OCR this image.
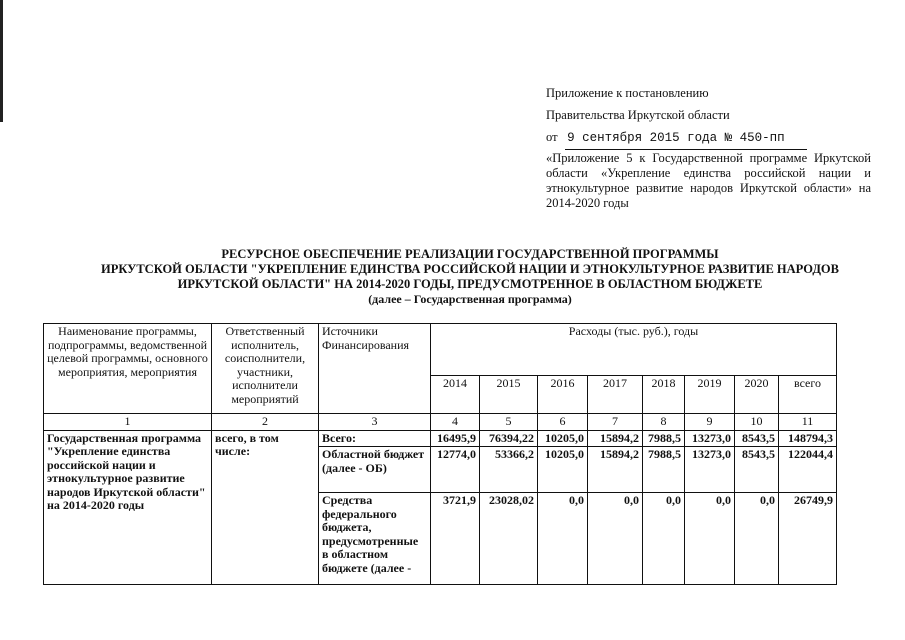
Приложение к постановлению
Правительства Иркутской области
от 9 сентября 2015 года № 450-пп
«Приложение 5 к Государственной программе Иркутской области «Укрепление единства российской нации и этнокультурное развитие народов Иркутской области» на 2014-2020 годы
РЕСУРСНОЕ ОБЕСПЕЧЕНИЕ РЕАЛИЗАЦИИ ГОСУДАРСТВЕННОЙ ПРОГРАММЫ
ИРКУТСКОЙ ОБЛАСТИ "УКРЕПЛЕНИЕ ЕДИНСТВА РОССИЙСКОЙ НАЦИИ И ЭТНОКУЛЬТУРНОЕ РАЗВИТИЕ НАРОДОВ
ИРКУТСКОЙ ОБЛАСТИ" НА 2014-2020 ГОДЫ, ПРЕДУСМОТРЕННОЕ В ОБЛАСТНОМ БЮДЖЕТЕ
(далее – Государственная программа)
Наименование программы, подпрограммы, ведомственной целевой программы, основного мероприятия, мероприятия	Ответственный исполнитель, соисполнители, участники, исполнители мероприятий	Источники Финансирования	Расходы (тыс. руб.), годы							
			2014	2015	2016	2017	2018	2019	2020	всего
1	2	3	4	5	6	7	8	9	10	11
Государственная программа "Укрепление единства российской нации и этнокультурное развитие народов Иркутской области" на 2014-2020 годы	всего, в том числе:	Всего:	16495,9	76394,22	10205,0	15894,2	7988,5	13273,0	8543,5	148794,3
		Областной бюджет (далее - ОБ)	12774,0	53366,2	10205,0	15894,2	7988,5	13273,0	8543,5	122044,4
		Средства федерального бюджета, предусмотренные в областном бюджете (далее -	3721,9	23028,02	0,0	0,0	0,0	0,0	0,0	26749,9
